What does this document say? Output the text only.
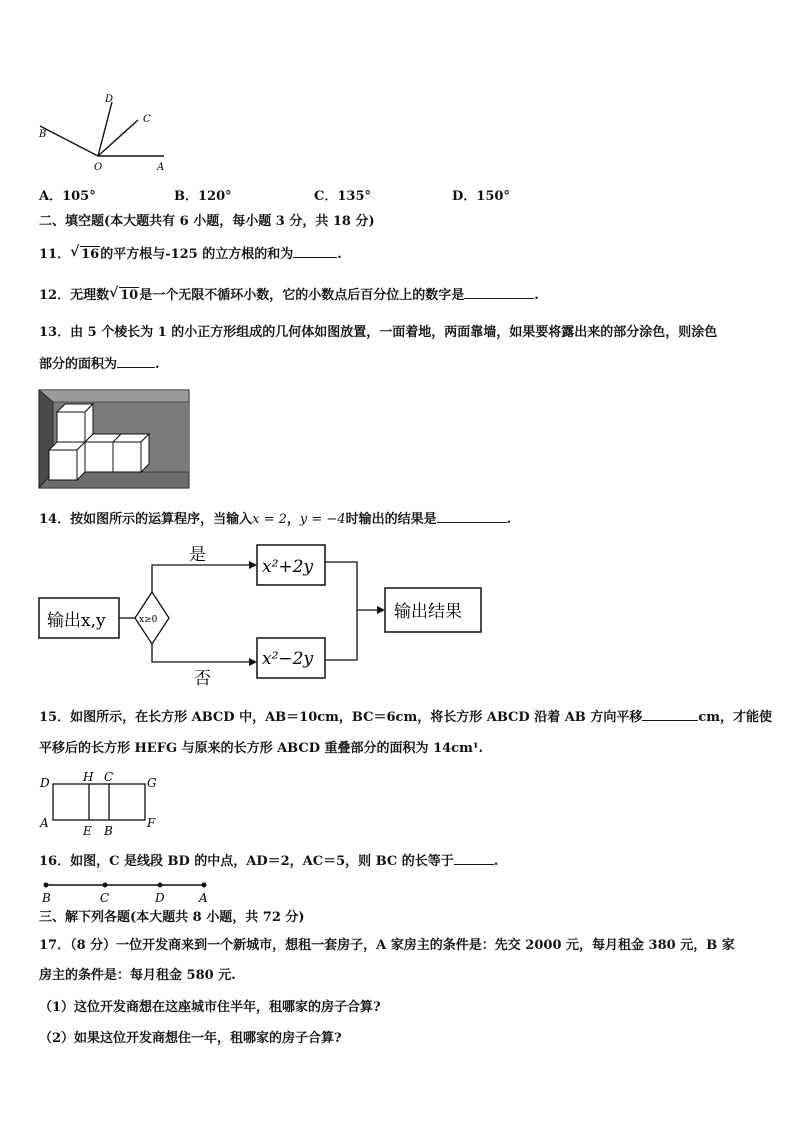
D
C
B
O	A
A．105°	B．120°	C．135°	D．150°
二、填空题(本大题共有 6 小题，每小题 3 分，共 18 分)
11． √ 16的平方根与-125 的立方根的和为	.
12．无理数 √ 10是一个无限不循环小数，它的小数点后百分位上的数字是	.
13．由 5 个棱长为 1 的小正方形组成的几何体如图放置，一面着地，两面靠墙，如果要将露出来的部分涂色，则涂色
部分的面积为	.
14．按如图所示的运算程序，当输入x = 2，y = −4时输出的结果是	.
输出x,y	x≥0
是
否
x²+2y
x²−2y
输出结果
15．如图所示，在长方形 ABCD 中，AB＝10cm，BC＝6cm，将长方形 ABCD 沿着 AB 方向平移	cm，才能使
平移后的长方形 HEFG 与原来的长方形 ABCD 重叠部分的面积为 14cm¹.
D	H C	G
A
E B
F
16．如图，C 是线段 BD 的中点，AD＝2，AC＝5，则 BC 的长等于	.
B	C	D	A
三、解下列各题(本大题共 8 小题，共 72 分)
17．（8 分）一位开发商来到一个新城市，想租一套房子，A 家房主的条件是：先交 2000 元，每月租金 380 元，B 家
房主的条件是：每月租金 580 元.
（1）这位开发商想在这座城市住半年，租哪家的房子合算?
（2）如果这位开发商想住一年，租哪家的房子合算?
